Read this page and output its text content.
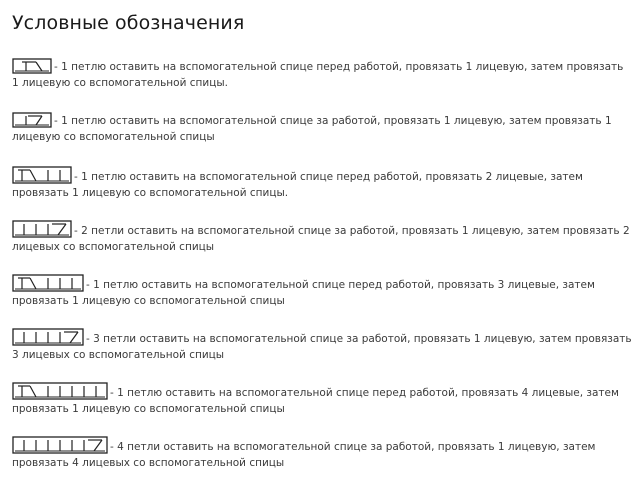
Условные обозначения
- 1 петлю оставить на вспомогательной спице перед работой, провязать 1 лицевую, затем провязать 1 лицевую со вспомогательной спицы.
- 1 петлю оставить на вспомогательной спице за работой, провязать 1 лицевую, затем провязать 1 лицевую со вспомогательной спицы
- 1 петлю оставить на вспомогательной спице перед работой, провязать 2 лицевые, затем провязать 1 лицевую со вспомогательной спицы.
- 2 петли оставить на вспомогательной спице за работой, провязать 1 лицевую, затем провязать 2 лицевых со вспомогательной спицы
- 1 петлю оставить на вспомогательной спице перед работой, провязать 3 лицевые, затем провязать 1 лицевую со вспомогательной спицы
- 3 петли оставить на вспомогательной спице за работой, провязать 1 лицевую, затем провязать 3 лицевых со вспомогательной спицы
- 1 петлю оставить на вспомогательной спице перед работой, провязать 4 лицевые, затем провязать 1 лицевую со вспомогательной спицы
- 4 петли оставить на вспомогательной спице за работой, провязать 1 лицевую, затем провязать 4 лицевых со вспомогательной спицы
